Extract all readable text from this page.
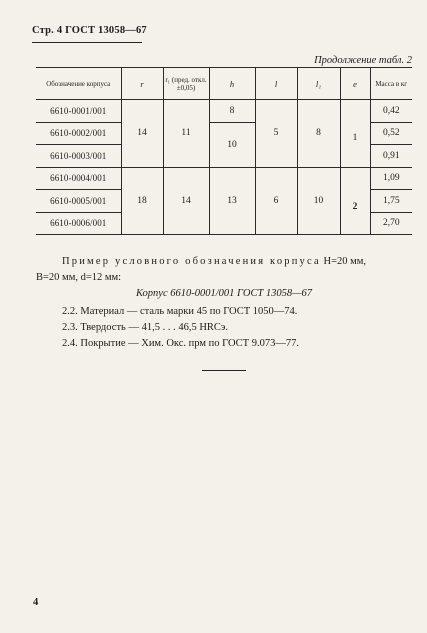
Стр. 4 ГОСТ 13058—67
Продолжение табл. 2
Обозначение корпуса	r	r₁ (пред. откл. ±0,05)	h	l	l₁	e	Масса в кг
6610-0001/001	14	11	8	5	8	1	0,42
6610-0002/001			10				0,52
6610-0003/001							0,91
6610-0004/001	18	14	13	6	10	2	1,09
6610-0005/001							1,75
6610-0006/001							2,70
Пример условного обозначения корпуса H=20 мм,
B=20 мм, d=12 мм:
Корпус 6610-0001/001 ГОСТ 13058—67
2.2. Материал — сталь марки 45 по ГОСТ 1050—74.
2.3. Твердость — 41,5 . . . 46,5 HRCэ.
2.4. Покрытие — Хим. Окс. прм по ГОСТ 9.073—77.
4
